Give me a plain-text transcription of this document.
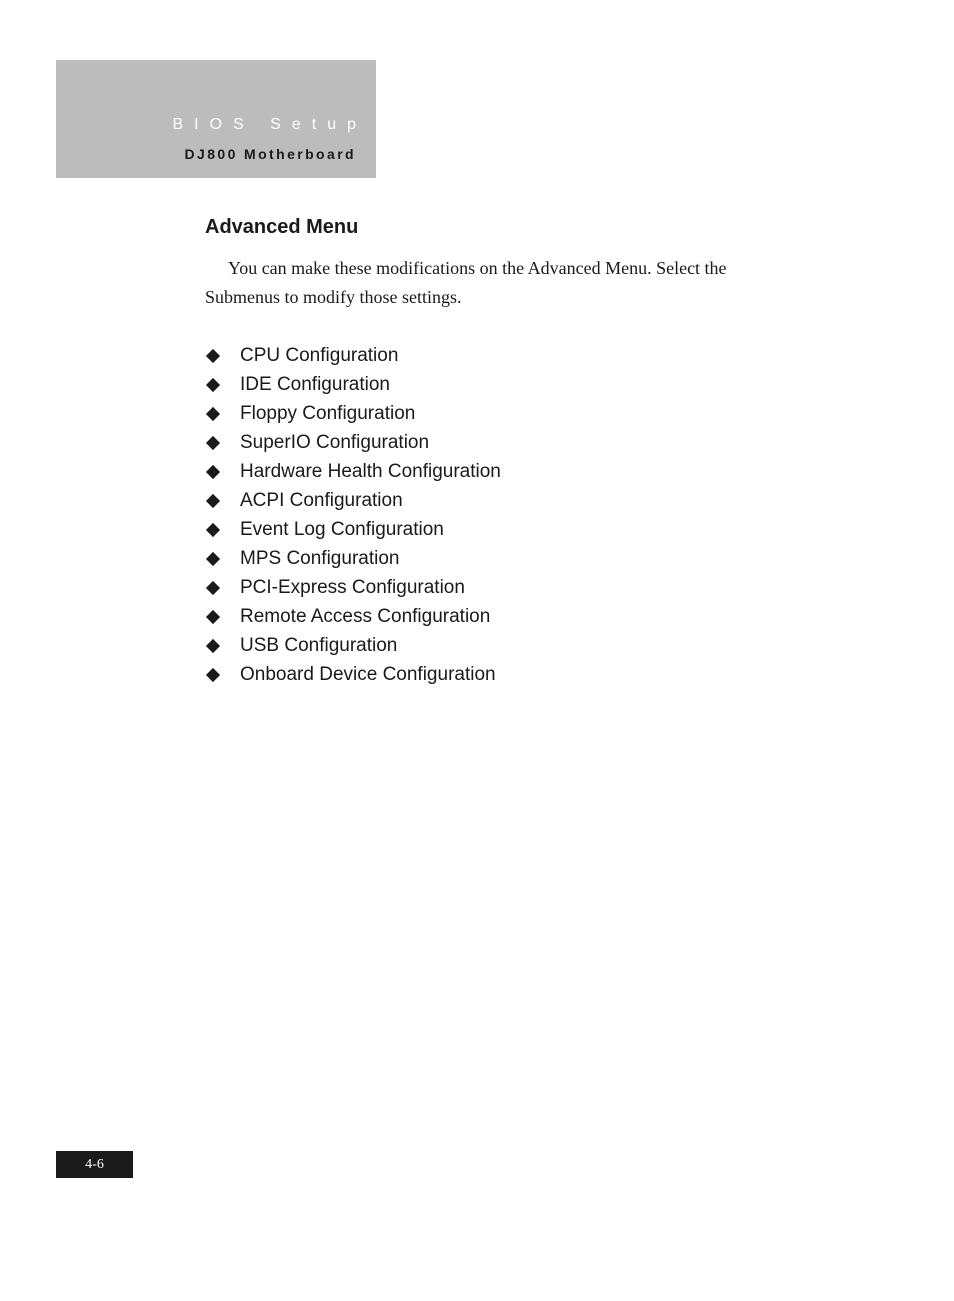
BIOS Setup
DJ800 Motherboard
Advanced Menu

You can make these modifications on the Advanced Menu. Select the Submenus to modify those settings.

CPU Configuration
IDE Configuration
Floppy Configuration
SuperIO Configuration
Hardware Health Configuration
ACPI Configuration
Event Log Configuration
MPS Configuration
PCI-Express Configuration
Remote Access Configuration
USB Configuration
Onboard Device Configuration
4-6
